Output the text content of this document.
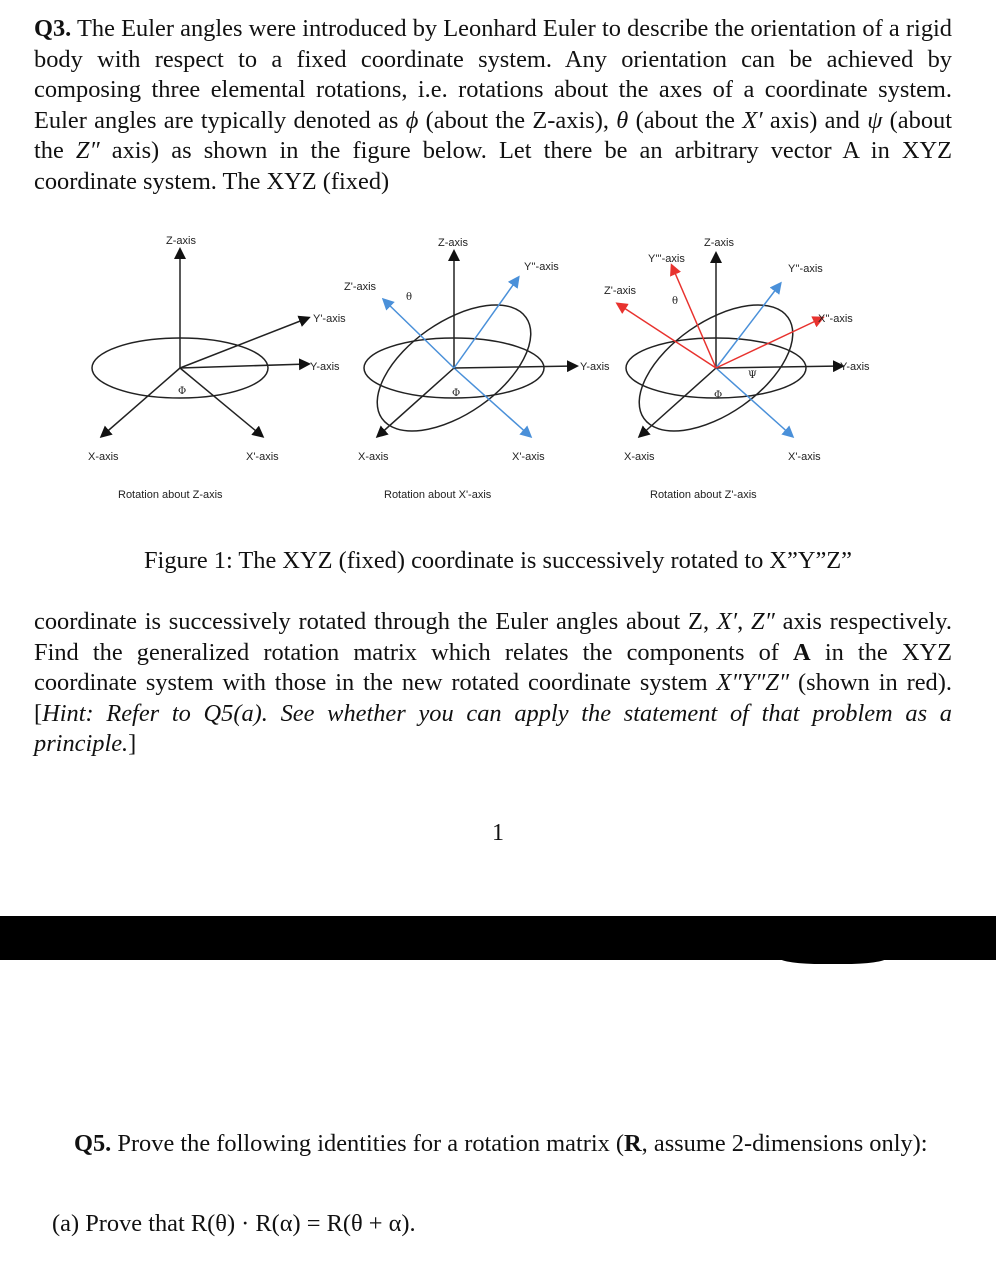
Q3. The Euler angles were introduced by Leonhard Euler to describe the orientation of a rigid body with respect to a fixed coordinate system. Any orientation can be achieved by composing three elemental rotations, i.e. rotations about the axes of a coordinate system. Euler angles are typically denoted as ϕ (about the Z-axis), θ (about the X′ axis) and ψ (about the Z″ axis) as shown in the figure below. Let there be an arbitrary vector A in XYZ coordinate system. The XYZ (fixed)

Z-axis
X-axis	X'-axis
Φ
Rotation about Z-axis
Y'-axis
Y-axis
Z-axis
Z'-axis
Y''-axis
θ
Φ
X-axis	X'-axis
Rotation about X'-axis
Y-axis
Z-axis
Y'''-axis
Z'-axis
Y''-axis
X''-axis
Y-axis
θ
Φ
Ψ
X-axis	X'-axis
Rotation about Z'-axis
Figure 1: The XYZ (fixed) coordinate is successively rotated to X”Y”Z”

coordinate is successively rotated through the Euler angles about Z, X′, Z″ axis respectively. Find the generalized rotation matrix which relates the components of A in the XYZ coordinate system with those in the new rotated coordinate system X″Y″Z″ (shown in red). [Hint: Refer to Q5(a). See whether you can apply the statement of that problem as a principle.]

1

Q5. Prove the following identities for a rotation matrix (R, assume 2-dimensions only):

(a) Prove that R(θ) · R(α) = R(θ + α).
